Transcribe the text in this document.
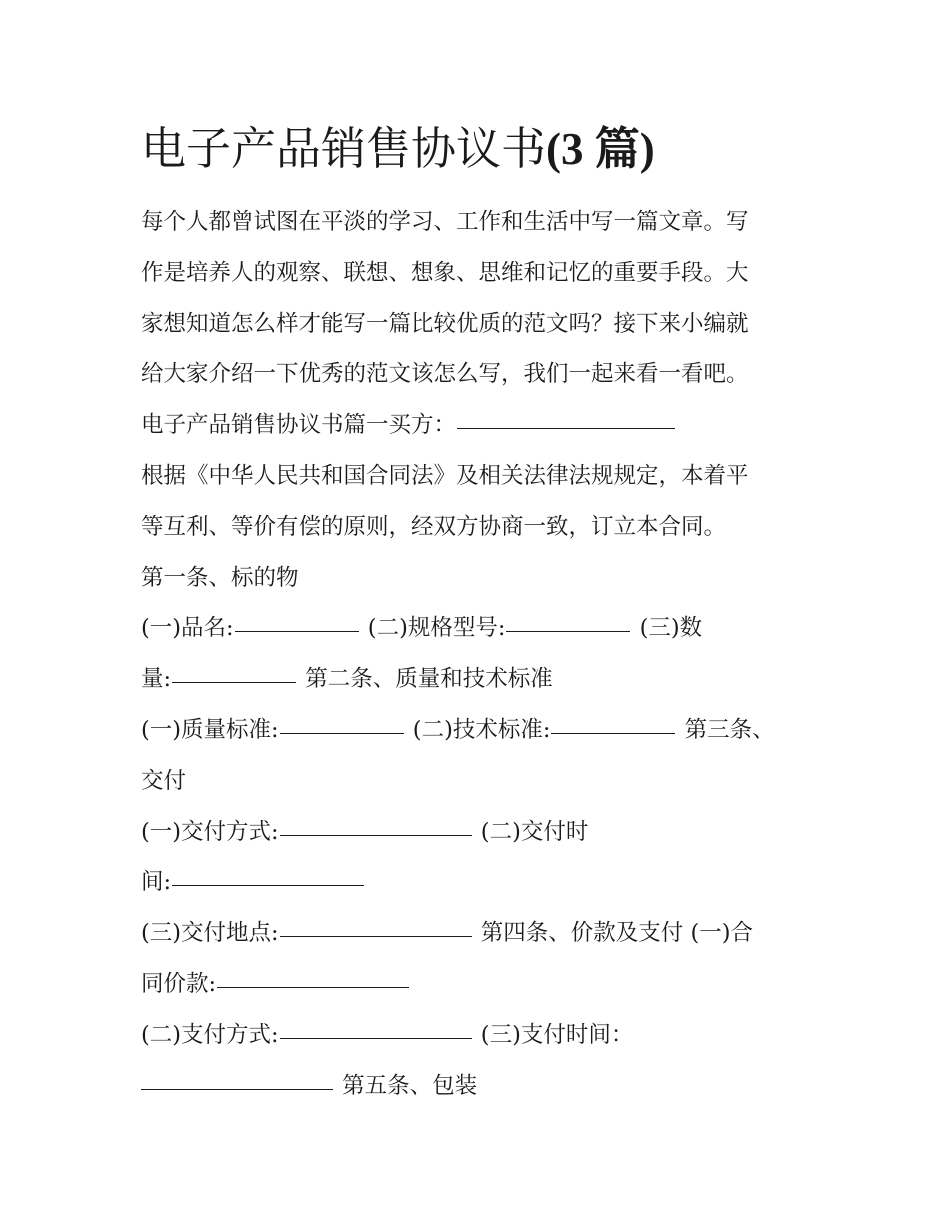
电子产品销售协议书(3 篇)
每个人都曾试图在平淡的学习、工作和生活中写一篇文章。写
作是培养人的观察、联想、想象、思维和记忆的重要手段。大
家想知道怎么样才能写一篇比较优质的范文吗？接下来小编就
给大家介绍一下优秀的范文该怎么写，我们一起来看一看吧。
电子产品销售协议书篇一买方：
根据《中华人民共和国合同法》及相关法律法规规定，本着平
等互利、等价有偿的原则，经双方协商一致，订立本合同。
第一条、标的物
(一)品名:	(二)规格型号:	(三)数
量:	第二条、质量和技术标准
(一)质量标准:	(二)技术标准:	第三条、
交付
(一)交付方式:	(二)交付时
间:
(三)交付地点:	第四条、价款及支付 (一)合
同价款:
(二)支付方式:	(三)支付时间：
第五条、包装
